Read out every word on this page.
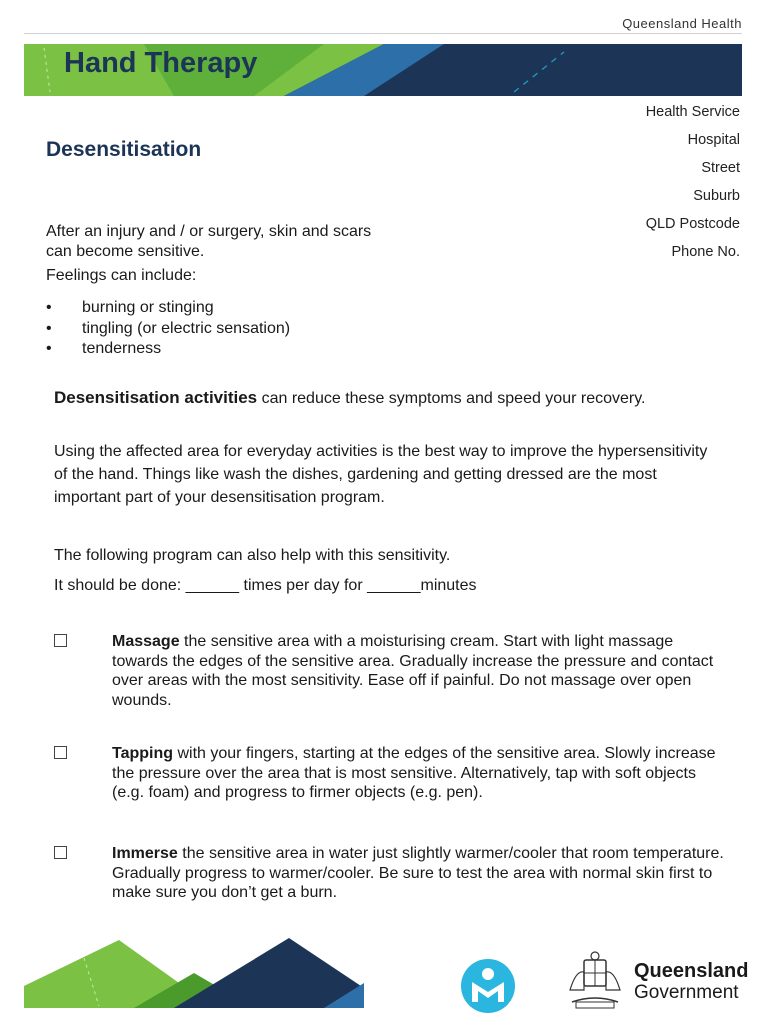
Queensland Health
Hand Therapy
Health Service
Hospital
Street
Suburb
QLD Postcode
Phone No.
Desensitisation
After an injury and / or surgery, skin and scars can become sensitive.
Feelings can include:
• burning or stinging
• tingling (or electric sensation)
• tenderness
Desensitisation activities can reduce these symptoms and speed your recovery.
Using the affected area for everyday activities is the best way to improve the hypersensitivity of the hand. Things like wash the dishes, gardening and getting dressed are the most important part of your desensitisation program.
The following program can also help with this sensitivity.
It should be done: ______ times per day for ______minutes
Massage the sensitive area with a moisturising cream. Start with light massage towards the edges of the sensitive area. Gradually increase the pressure and contact over areas with the most sensitivity. Ease off if painful. Do not massage over open wounds.
Tapping with your fingers, starting at the edges of the sensitive area. Slowly increase the pressure over the area that is most sensitive. Alternatively, tap with soft objects (e.g. foam) and progress to firmer objects (e.g. pen).
Immerse the sensitive area in water just slightly warmer/cooler that room temperature. Gradually progress to warmer/cooler. Be sure to test the area with normal skin first to make sure you don’t get a burn.
Queensland
Government
